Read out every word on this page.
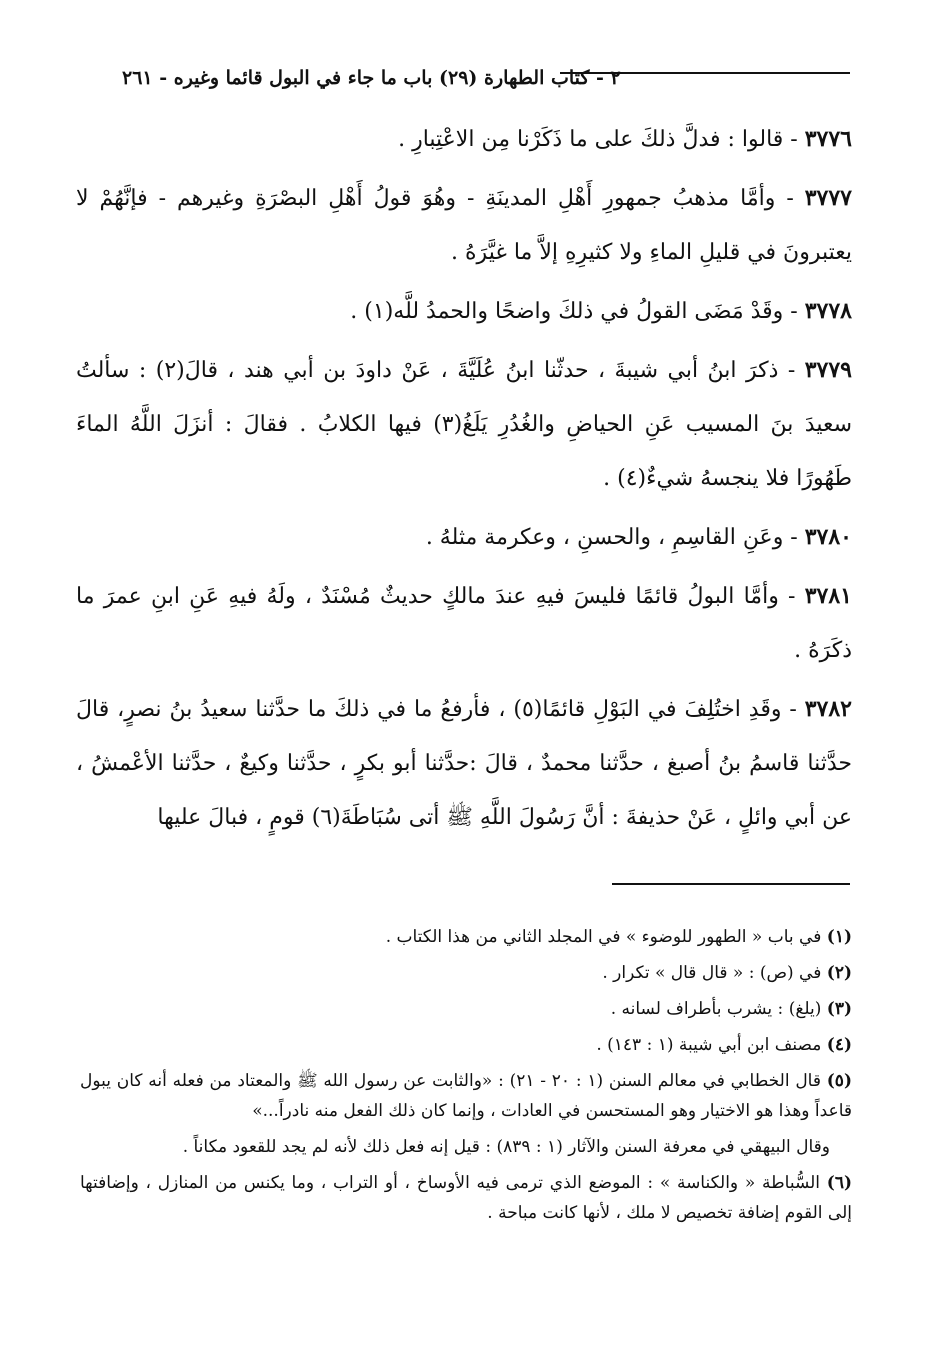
٢ - كتاب الطهارة (٢٩) باب ما جاء في البول قائما وغيره - ٢٦١

٣٧٧٦ - قالوا : فدلَّ ذلكَ على ما ذَكَرْنا مِن الاعْتِبارِ .

٣٧٧٧ - وأمَّا مذهبُ جمهورِ أَهْلِ المدينَةِ - وهُوَ قولُ أَهْلِ البصْرَةِ وغيرهم - فإنَّهُمْ لا يعتبرونَ في قليلِ الماءِ ولا كثيرِهِ إلاَّ ما غيَّرَهُ .

٣٧٧٨ - وقَدْ مَضَى القولُ في ذلكَ واضحًا والحمدُ للَّه(١) .

٣٧٧٩ - ذكرَ ابنُ أبي شيبةَ ، حدثّنا ابنُ عُلَيَّةَ ، عَنْ داودَ بن أبي هند ، قالَ(٢) : سألتُ سعيدَ بنَ المسيب عَنِ الحياضِ والغُدُرِ يَلَغُ(٣) فيها الكلابُ . فقالَ : أنزَلَ اللَّهُ الماءَ طَهُورًا فلا ينجسهُ شيءٌ(٤) .

٣٧٨٠ - وعَنِ القاسِمِ ، والحسنِ ، وعكرمة مثلهُ .

٣٧٨١ - وأمَّا البولُ قائمًا فليسَ فيهِ عندَ مالكٍ حديثٌ مُسْنَدٌ ، ولَهُ فيهِ عَنِ ابنِ عمرَ ما ذكَرَهُ .

٣٧٨٢ - وقَدِ اختُلِفَ في البَوْلِ قائمًا(٥) ، فأرفعُ ما في ذلكَ ما حدَّثنا سعيدُ بنُ نصرٍ، قالَ حدَّثنا قاسمُ بنُ أصبغ ، حدَّثنا محمدٌ ، قالَ :حدَّثنا أبو بكرٍ ، حدَّثنا وكيعٌ ، حدَّثنا الأعْمشُ ، عن أبي وائلٍ ، عَنْ حذيفةَ : أنَّ رَسُولَ اللَّهِ ﷺ أتى سُبَاطَةَ(٦) قومٍ ، فبالَ عليها

(١) في باب « الطهور للوضوء » في المجلد الثاني من هذا الكتاب .

(٢) في (ص) : « قال قال » تكرار .

(٣) (يلغ) : يشرب بأطراف لسانه .

(٤) مصنف ابن أبي شيبة (١ : ١٤٣) .

(٥) قال الخطابي في معالم السنن (١ : ٢٠ - ٢١) : «والثابت عن رسول الله ﷺ والمعتاد من فعله أنه كان يبول قاعداً وهذا هو الاختيار وهو المستحسن في العادات ، وإنما كان ذلك الفعل منه نادراً...»

وقال البيهقي في معرفة السنن والآثار (١ : ٨٣٩) : قيل إنه فعل ذلك لأنه لم يجد للقعود مكاناً .

(٦) السُّباطة « والكناسة » : الموضع الذي ترمى فيه الأوساخ ، أو التراب ، وما يكنس من المنازل ، وإضافتها إلى القوم إضافة تخصيص لا ملك ، لأنها كانت مباحة .
